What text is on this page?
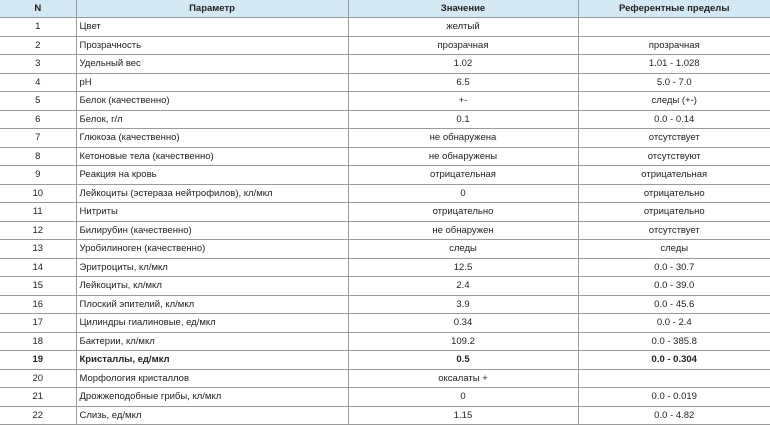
N	Параметр	Значение	Референтные пределы
1	Цвет	желтый	
2	Прозрачность	прозрачная	прозрачная
3	Удельный вес	1.02	1.01 - 1.028
4	pH	6.5	5.0 - 7.0
5	Белок (качественно)	+-	следы (+-)
6	Белок, г/л	0.1	0.0 - 0.14
7	Глюкоза (качественно)	не обнаружена	отсутствует
8	Кетоновые тела (качественно)	не обнаружены	отсутствуют
9	Реакция на кровь	отрицательная	отрицательная
10	Лейкоциты (эстераза нейтрофилов), кл/мкл	0	отрицательно
11	Нитриты	отрицательно	отрицательно
12	Билирубин (качественно)	не обнаружен	отсутствует
13	Уробилиноген (качественно)	следы	следы
14	Эритроциты, кл/мкл	12.5	0.0 - 30.7
15	Лейкоциты, кл/мкл	2.4	0.0 - 39.0
16	Плоский эпителий, кл/мкл	3.9	0.0 - 45.6
17	Цилиндры гиалиновые, ед/мкл	0.34	0.0 - 2.4
18	Бактерии, кл/мкл	109.2	0.0 - 385.8
19	Кристаллы, ед/мкл	0.5	0.0 - 0.304
20	Морфология кристаллов	оксалаты +	
21	Дрожжеподобные грибы, кл/мкл	0	0.0 - 0.019
22	Слизь, ед/мкл	1.15	0.0 - 4.82
